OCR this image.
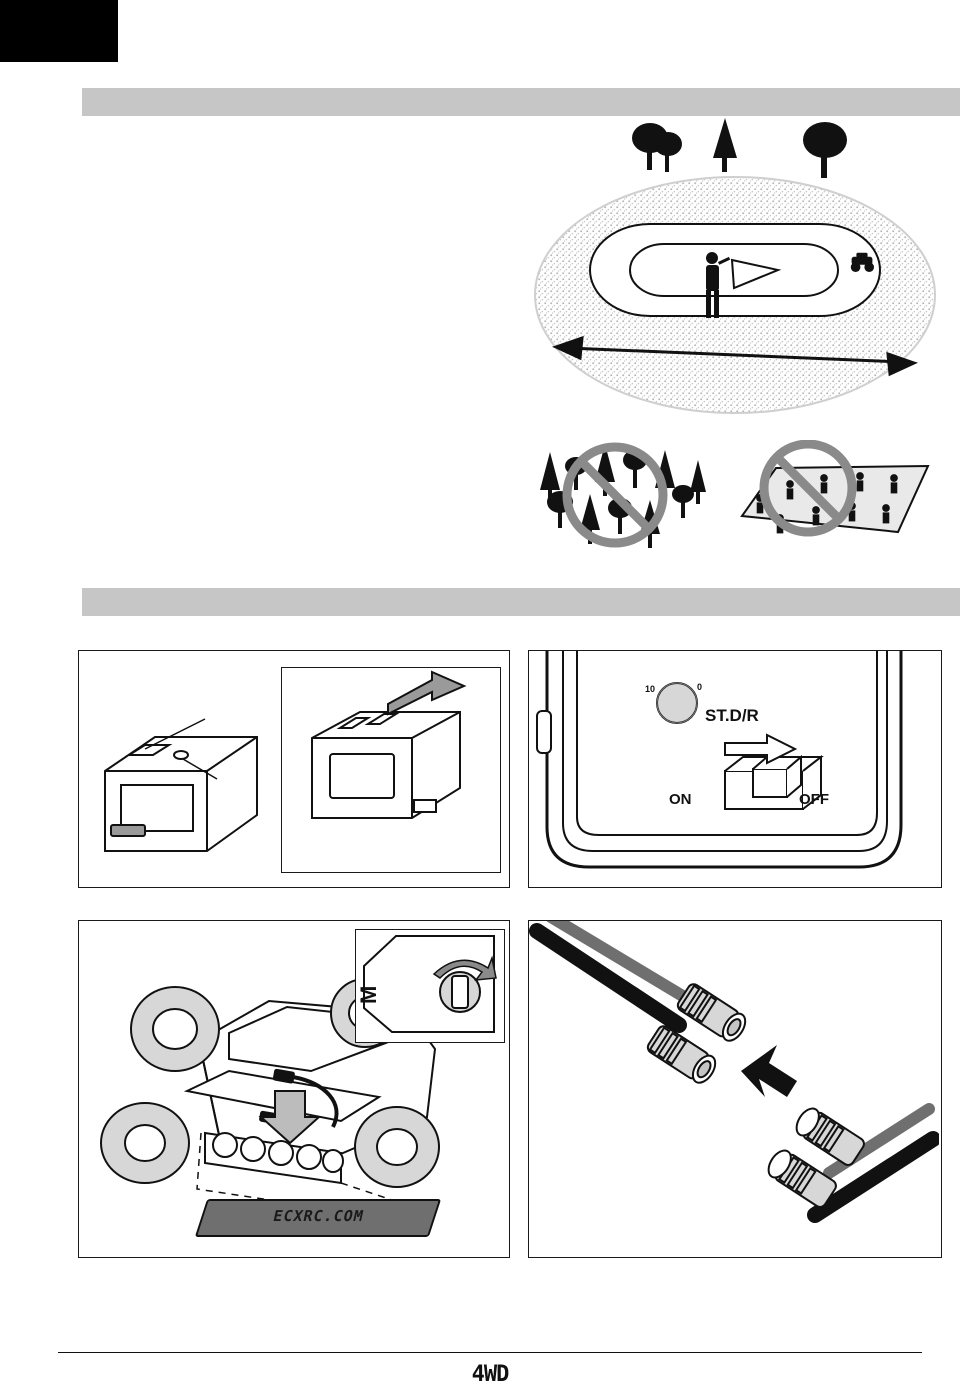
10	0
ST.D/R
ON	OFF
M
ECXRC.COM
4WD
